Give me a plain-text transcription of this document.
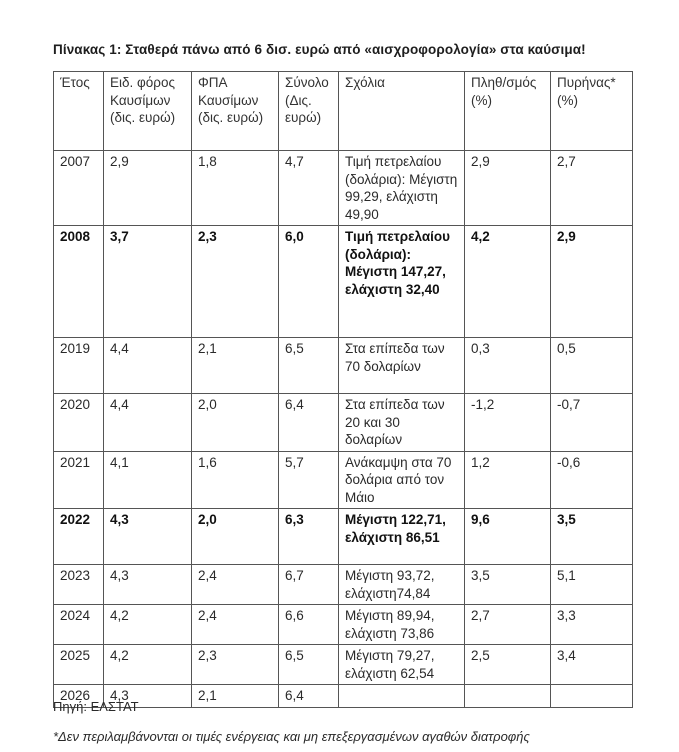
Πίνακας 1: Σταθερά πάνω από 6 δισ. ευρώ από «αισχροφορολογία» στα καύσιμα!
Έτος	Ειδ. φόρος Καυσίμων (δις. ευρώ)	ΦΠΑ Καυσίμων (δις. ευρώ)	Σύνολο (Δις. ευρώ)	Σχόλια	Πληθ/σμός (%)	Πυρήνας* (%)
2007	2,9	1,8	4,7	Τιμή πετρελαίου (δολάρια): Μέγιστη 99,29, ελάχιστη 49,90	2,9	2,7
2008	3,7	2,3	6,0	Τιμή πετρελαίου (δολάρια): Μέγιστη 147,27, ελάχιστη 32,40	4,2	2,9
2019	4,4	2,1	6,5	Στα επίπεδα των 70 δολαρίων	0,3	0,5
2020	4,4	2,0	6,4	Στα επίπεδα των 20 και 30 δολαρίων	-1,2	-0,7
2021	4,1	1,6	5,7	Ανάκαμψη στα 70 δολάρια από τον Μάιο	1,2	-0,6
2022	4,3	2,0	6,3	Μέγιστη 122,71, ελάχιστη 86,51	9,6	3,5
2023	4,3	2,4	6,7	Μέγιστη 93,72, ελάχιστη74,84	3,5	5,1
2024	4,2	2,4	6,6	Μέγιστη 89,94, ελάχιστη 73,86	2,7	3,3
2025	4,2	2,3	6,5	Μέγιστη 79,27, ελάχιστη 62,54	2,5	3,4
2026	4,3	2,1	6,4			
Πηγή: ΕΛΣΤΑΤ
*Δεν περιλαμβάνονται οι τιμές ενέργειας και μη επεξεργασμένων αγαθών διατροφής
